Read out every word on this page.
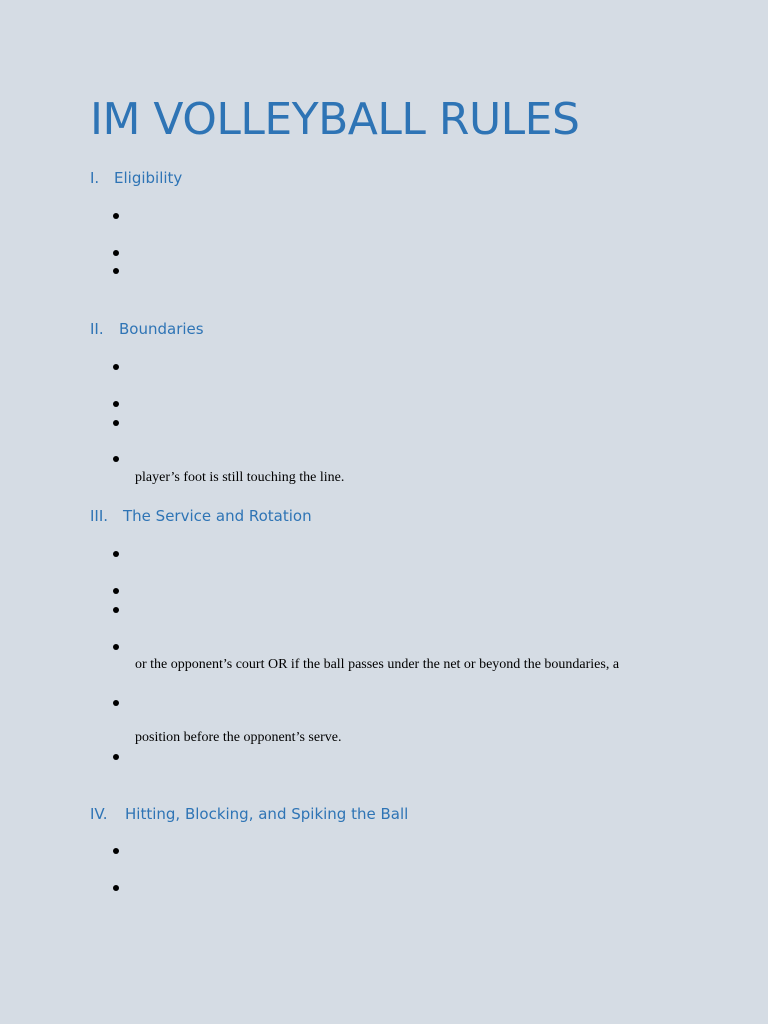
IM VOLLEYBALL RULES
I. Eligibility
II. Boundaries

player’s foot is still touching the line.

III. The Service and Rotation

or the opponent’s court OR if the ball passes under the net or beyond the boundaries, a

position before the opponent’s serve.

IV. Hitting, Blocking, and Spiking the Ball
